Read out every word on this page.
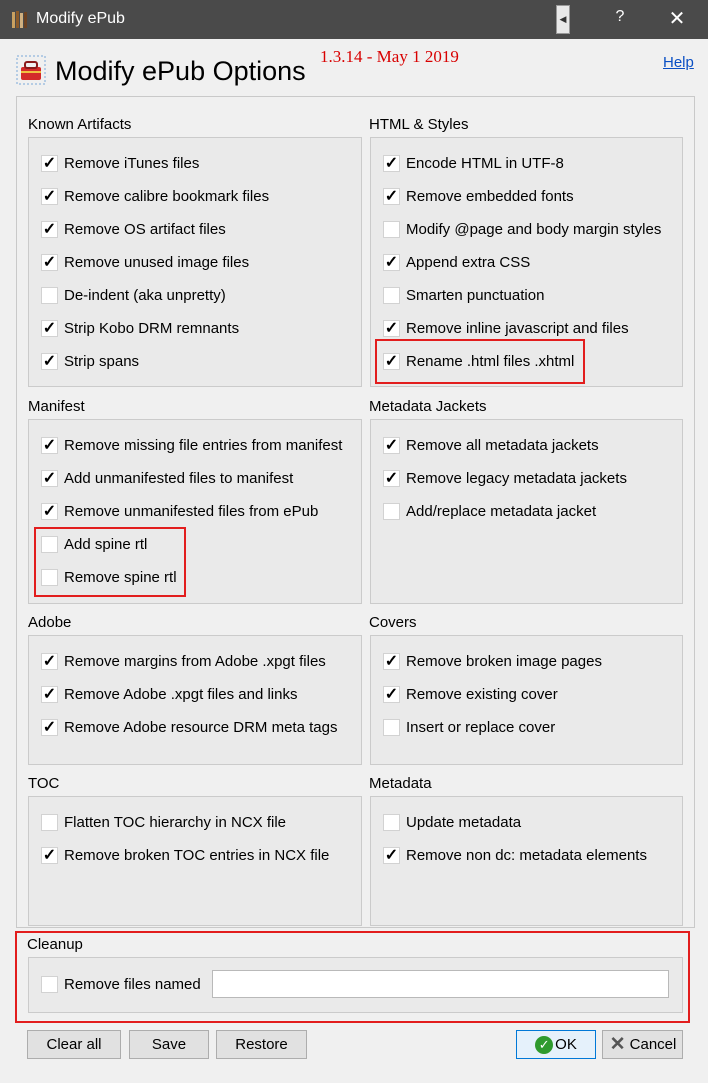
Modify ePub	◀	?	✕
Modify ePub Options 1.3.14 - May 1 2019	Help
Known Artifacts	HTML & Styles
Manifest	Metadata Jackets
Adobe	Covers
TOC	Metadata
Cleanup
Clear all	Save	Restore	✓ OK	✕ Cancel
✓ Remove iTunes files
✓ Remove calibre bookmark files
✓ Remove OS artifact files
✓ Remove unused image files
De-indent (aka unpretty)
✓ Strip Kobo DRM remnants
✓ Strip spans
✓ Encode HTML in UTF-8
✓ Remove embedded fonts
Modify @page and body margin styles
✓ Append extra CSS
Smarten punctuation
✓ Remove inline javascript and files
✓ Rename .html files .xhtml
✓ Remove missing file entries from manifest
✓ Add unmanifested files to manifest
✓ Remove unmanifested files from ePub
Add spine rtl
Remove spine rtl
✓ Remove all metadata jackets
✓ Remove legacy metadata jackets
Add/replace metadata jacket
✓ Remove margins from Adobe .xpgt files
✓ Remove Adobe .xpgt files and links
✓ Remove Adobe resource DRM meta tags
✓ Remove broken image pages
✓ Remove existing cover
Insert or replace cover
Flatten TOC hierarchy in NCX file
✓ Remove broken TOC entries in NCX file
Update metadata
✓ Remove non dc: metadata elements
Remove files named
